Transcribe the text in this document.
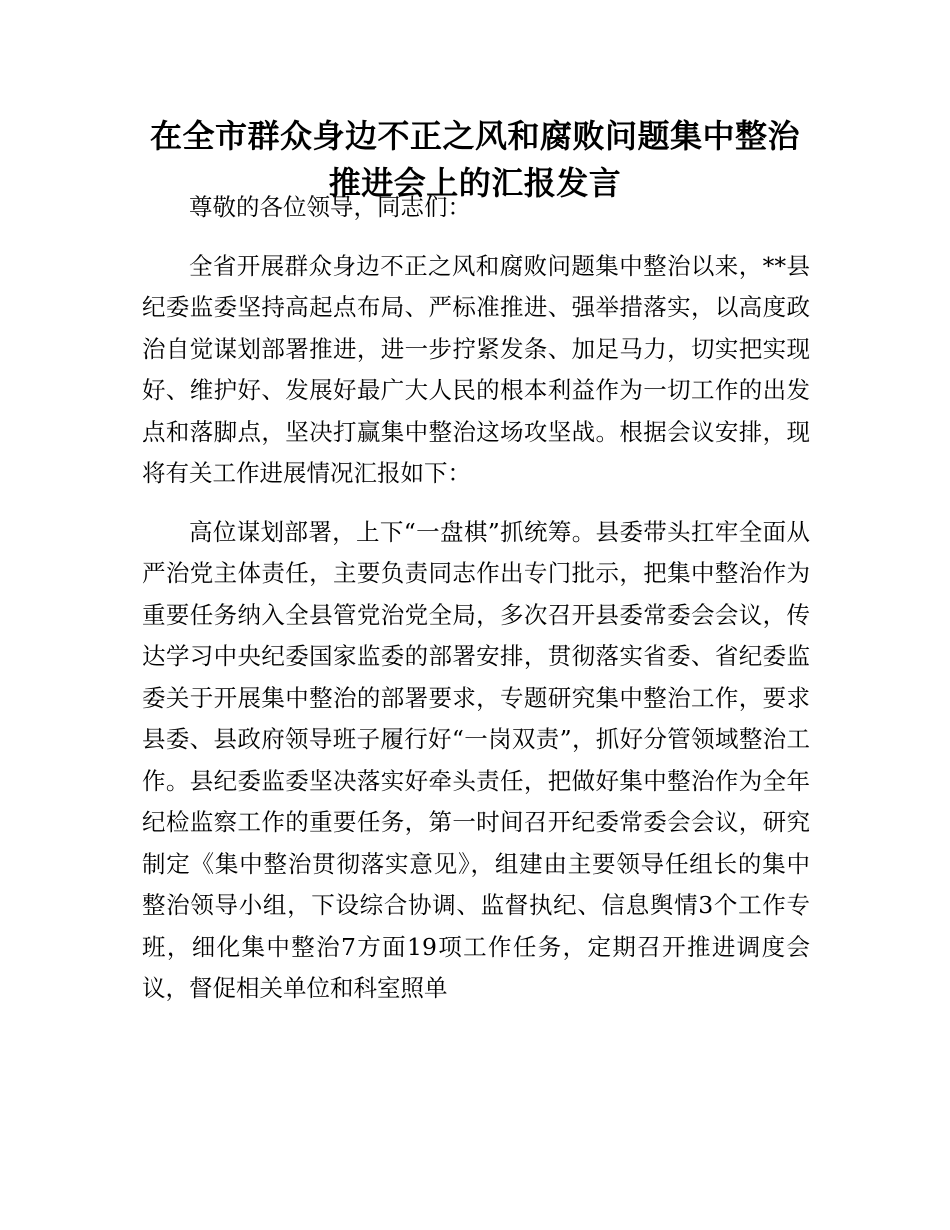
在全市群众身边不正之风和腐败问题集中整治
推进会上的汇报发言

尊敬的各位领导，同志们：

全省开展群众身边不正之风和腐败问题集中整治以来，**县纪委监委坚持高起点布局、严标准推进、强举措落实，以高度政治自觉谋划部署推进，进一步拧紧发条、加足马力，切实把实现好、维护好、发展好最广大人民的根本利益作为一切工作的出发点和落脚点，坚决打赢集中整治这场攻坚战。根据会议安排，现将有关工作进展情况汇报如下：

高位谋划部署，上下“一盘棋”抓统筹。县委带头扛牢全面从严治党主体责任，主要负责同志作出专门批示，把集中整治作为重要任务纳入全县管党治党全局，多次召开县委常委会会议，传达学习中央纪委国家监委的部署安排，贯彻落实省委、省纪委监委关于开展集中整治的部署要求，专题研究集中整治工作，要求县委、县政府领导班子履行好“一岗双责”，抓好分管领域整治工作。县纪委监委坚决落实好牵头责任，把做好集中整治作为全年纪检监察工作的重要任务，第一时间召开纪委常委会会议，研究制定《集中整治贯彻落实意见》，组建由主要领导任组长的集中整治领导小组，下设综合协调、监督执纪、信息舆情3个工作专班，细化集中整治7方面19项工作任务，定期召开推进调度会议，督促相关单位和科室照单
